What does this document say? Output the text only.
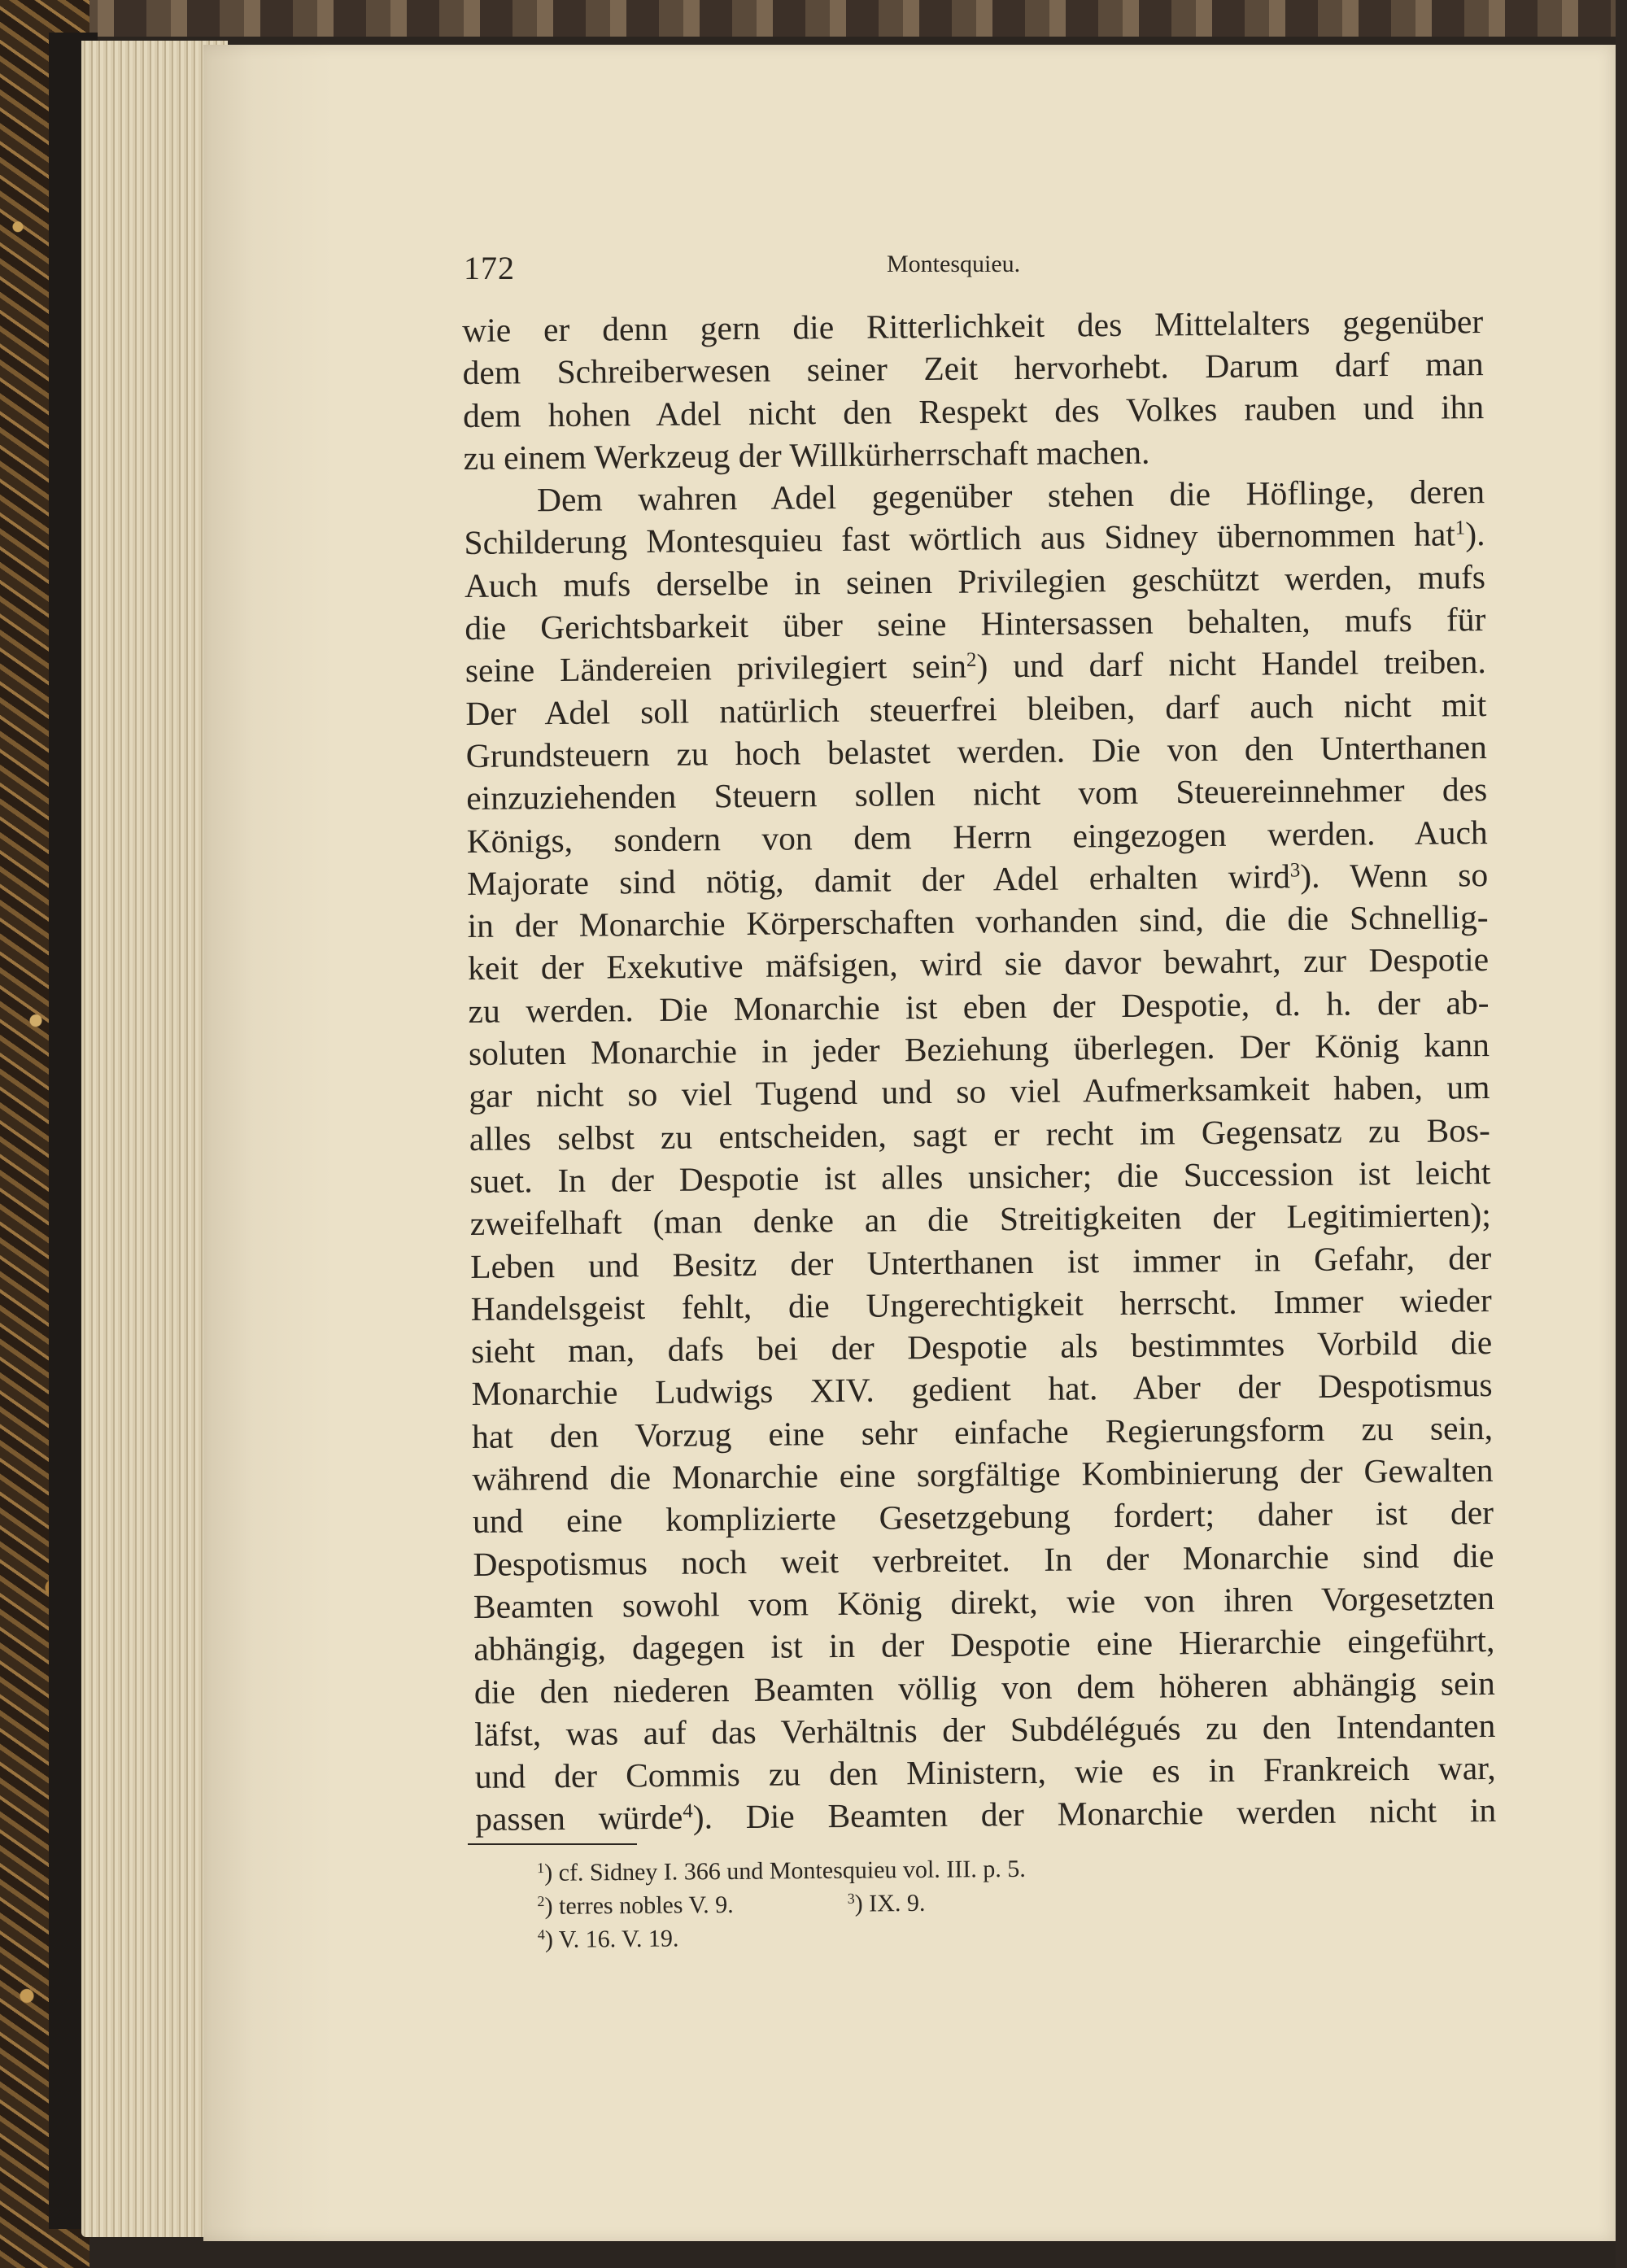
172	Montesquieu.
wie er denn gern die Ritterlichkeit des Mittelalters gegenüber
dem Schreiberwesen seiner Zeit hervorhebt. Darum darf man
dem hohen Adel nicht den Respekt des Volkes rauben und ihn
zu einem Werkzeug der Willkürherrschaft machen.
Dem wahren Adel gegenüber stehen die Höflinge, deren
Schilderung Montesquieu fast wörtlich aus Sidney übernommen hat$^1$).
Auch mufs derselbe in seinen Privilegien geschützt werden, mufs
die Gerichtsbarkeit über seine Hintersassen behalten, mufs für
seine Ländereien privilegiert sein$^2$) und darf nicht Handel treiben.
Der Adel soll natürlich steuerfrei bleiben, darf auch nicht mit
Grundsteuern zu hoch belastet werden. Die von den Unterthanen
einzuziehenden Steuern sollen nicht vom Steuereinnehmer des
Königs, sondern von dem Herrn eingezogen werden. Auch
Majorate sind nötig, damit der Adel erhalten wird$^3$). Wenn so
in der Monarchie Körperschaften vorhanden sind, die die Schnellig-
keit der Exekutive mäfsigen, wird sie davor bewahrt, zur Despotie
zu werden. Die Monarchie ist eben der Despotie, d. h. der ab-
soluten Monarchie in jeder Beziehung überlegen. Der König kann
gar nicht so viel Tugend und so viel Aufmerksamkeit haben, um
alles selbst zu entscheiden, sagt er recht im Gegensatz zu Bos-
suet. In der Despotie ist alles unsicher; die Succession ist leicht
zweifelhaft (man denke an die Streitigkeiten der Legitimierten);
Leben und Besitz der Unterthanen ist immer in Gefahr, der
Handelsgeist fehlt, die Ungerechtigkeit herrscht. Immer wieder
sieht man, dafs bei der Despotie als bestimmtes Vorbild die
Monarchie Ludwigs XIV. gedient hat. Aber der Despotismus
hat den Vorzug eine sehr einfache Regierungsform zu sein,
während die Monarchie eine sorgfältige Kombinierung der Gewalten
und eine komplizierte Gesetzgebung fordert; daher ist der
Despotismus noch weit verbreitet. In der Monarchie sind die
Beamten sowohl vom König direkt, wie von ihren Vorgesetzten
abhängig, dagegen ist in der Despotie eine Hierarchie eingeführt,
die den niederen Beamten völlig von dem höheren abhängig sein
läfst, was auf das Verhältnis der Subdélégués zu den Intendanten
und der Commis zu den Ministern, wie es in Frankreich war,
passen würde$^4$). Die Beamten der Monarchie werden nicht in
$^1$) cf. Sidney I. 366 und Montesquieu vol. III. p. 5.
$^2$) terres nobles V. 9.	$^3$) IX. 9.
$^4$) V. 16. V. 19.
